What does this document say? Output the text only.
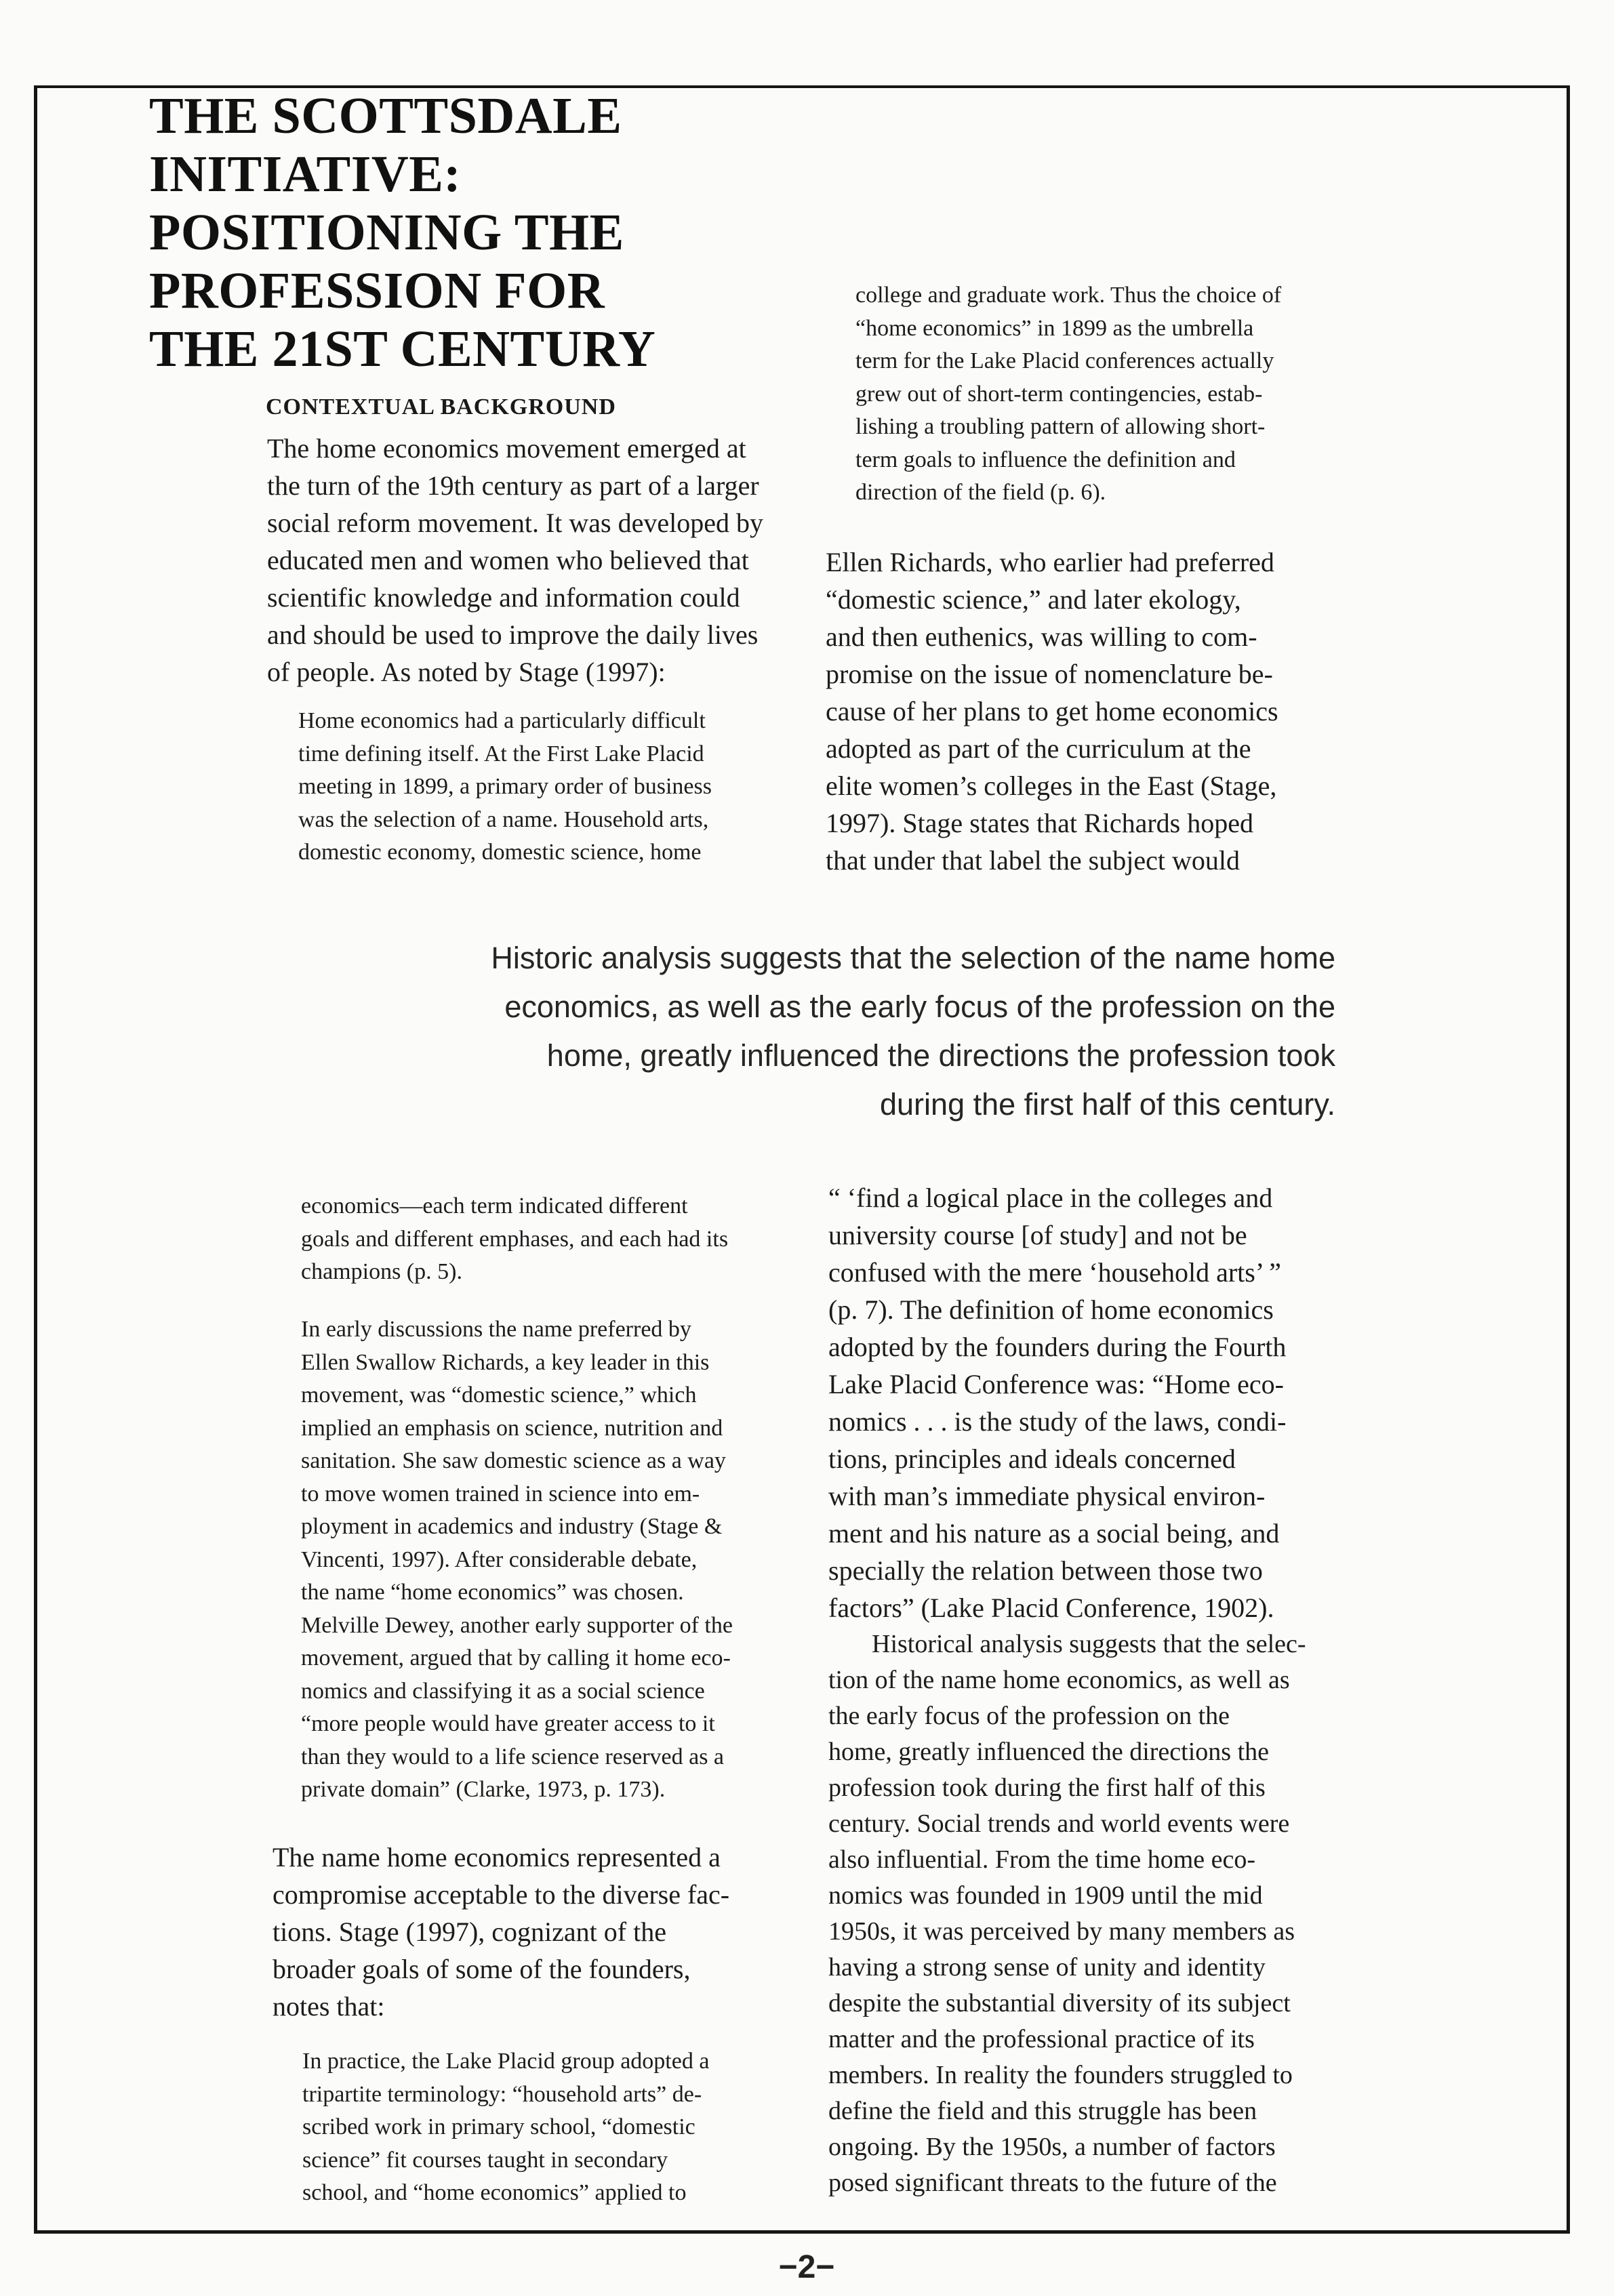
THE SCOTTSDALE
INITIATIVE:
POSITIONING THE
PROFESSION FOR
THE 21ST CENTURY
CONTEXTUAL BACKGROUND
The home economics movement emerged at
the turn of the 19th century as part of a larger
social reform movement. It was developed by
educated men and women who believed that
scientific knowledge and information could
and should be used to improve the daily lives
of people. As noted by Stage (1997):
Home economics had a particularly difficult
time defining itself. At the First Lake Placid
meeting in 1899, a primary order of business
was the selection of a name. Household arts,
domestic economy, domestic science, home
college and graduate work. Thus the choice of
“home economics” in 1899 as the umbrella
term for the Lake Placid conferences actually
grew out of short-term contingencies, estab-
lishing a troubling pattern of allowing short-
term goals to influence the definition and
direction of the field (p. 6).
Ellen Richards, who earlier had preferred
“domestic science,” and later ekology,
and then euthenics, was willing to com-
promise on the issue of nomenclature be-
cause of her plans to get home economics
adopted as part of the curriculum at the
elite women’s colleges in the East (Stage,
1997). Stage states that Richards hoped
that under that label the subject would
Historic analysis suggests that the selection of the name home
economics, as well as the early focus of the profession on the
home, greatly influenced the directions the profession took
during the first half of this century.
economics—each term indicated different
goals and different emphases, and each had its
champions (p. 5).
In early discussions the name preferred by
Ellen Swallow Richards, a key leader in this
movement, was “domestic science,” which
implied an emphasis on science, nutrition and
sanitation. She saw domestic science as a way
to move women trained in science into em-
ployment in academics and industry (Stage &
Vincenti, 1997). After considerable debate,
the name “home economics” was chosen.
Melville Dewey, another early supporter of the
movement, argued that by calling it home eco-
nomics and classifying it as a social science
“more people would have greater access to it
than they would to a life science reserved as a
private domain” (Clarke, 1973, p. 173).
The name home economics represented a
compromise acceptable to the diverse fac-
tions. Stage (1997), cognizant of the
broader goals of some of the founders,
notes that:
In practice, the Lake Placid group adopted a
tripartite terminology: “household arts” de-
scribed work in primary school, “domestic
science” fit courses taught in secondary
school, and “home economics” applied to
“ ‘find a logical place in the colleges and
university course [of study] and not be
confused with the mere ‘household arts’ ”
(p. 7). The definition of home economics
adopted by the founders during the Fourth
Lake Placid Conference was: “Home eco-
nomics . . . is the study of the laws, condi-
tions, principles and ideals concerned
with man’s immediate physical environ-
ment and his nature as a social being, and
specially the relation between those two
factors” (Lake Placid Conference, 1902).
Historical analysis suggests that the selec-
tion of the name home economics, as well as
the early focus of the profession on the
home, greatly influenced the directions the
profession took during the first half of this
century. Social trends and world events were
also influential. From the time home eco-
nomics was founded in 1909 until the mid
1950s, it was perceived by many members as
having a strong sense of unity and identity
despite the substantial diversity of its subject
matter and the professional practice of its
members. In reality the founders struggled to
define the field and this struggle has been
ongoing. By the 1950s, a number of factors
posed significant threats to the future of the
−2−
